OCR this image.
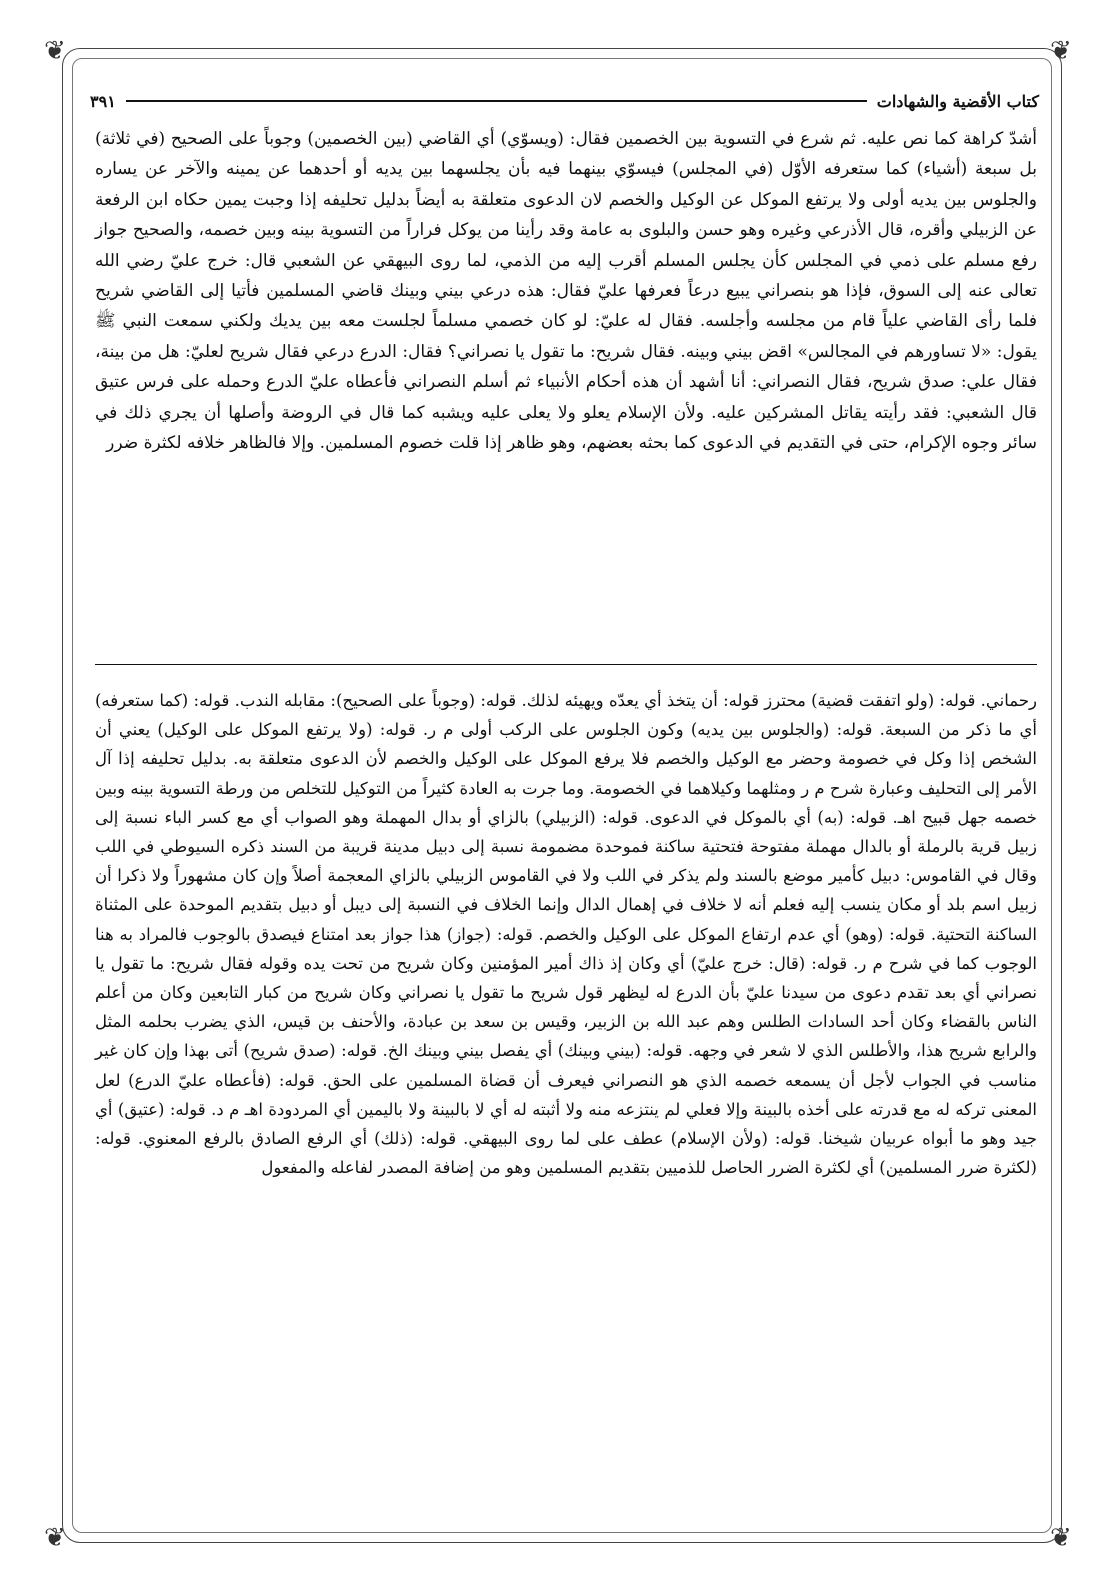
❦	❦
❦	❦
كتاب الأقضية والشهادات
٣٩١

أشدّ كراهة كما نص عليه. ثم شرع في التسوية بين الخصمين فقال: (ويسوّي) أي القاضي (بين الخصمين) وجوباً على الصحيح (في ثلاثة) بل سبعة (أشياء) كما ستعرفه الأوّل (في المجلس) فيسوّي بينهما فيه بأن يجلسهما بين يديه أو أحدهما عن يمينه والآخر عن يساره والجلوس بين يديه أولى ولا يرتفع الموكل عن الوكيل والخصم لان الدعوى متعلقة به أيضاً بدليل تحليفه إذا وجبت يمين حكاه ابن الرفعة عن الزبيلي وأقره، قال الأذرعي وغيره وهو حسن والبلوى به عامة وقد رأينا من يوكل فراراً من التسوية بينه وبين خصمه، والصحيح جواز رفع مسلم على ذمي في المجلس كأن يجلس المسلم أقرب إليه من الذمي، لما روى البيهقي عن الشعبي قال: خرج عليّ رضي الله تعالى عنه إلى السوق، فإذا هو بنصراني يبيع درعاً فعرفها عليّ فقال: هذه درعي بيني وبينك قاضي المسلمين فأتيا إلى القاضي شريح فلما رأى القاضي علياً قام من مجلسه وأجلسه. فقال له عليّ: لو كان خصمي مسلماً لجلست معه بين يديك ولكني سمعت النبي ﷺ يقول: «لا تساورهم في المجالس» اقض بيني وبينه. فقال شريح: ما تقول يا نصراني؟ فقال: الدرع درعي فقال شريح لعليّ: هل من بينة، فقال علي: صدق شريح، فقال النصراني: أنا أشهد أن هذه أحكام الأنبياء ثم أسلم النصراني فأعطاه عليّ الدرع وحمله على فرس عتيق قال الشعبي: فقد رأيته يقاتل المشركين عليه. ولأن الإسلام يعلو ولا يعلى عليه ويشبه كما قال في الروضة وأصلها أن يجري ذلك في سائر وجوه الإكرام، حتى في التقديم في الدعوى كما بحثه بعضهم، وهو ظاهر إذا قلت خصوم المسلمين. وإلا فالظاهر خلافه لكثرة ضرر

رحماني. قوله: (ولو اتفقت قضية) محترز قوله: أن يتخذ أي يعدّه ويهيئه لذلك. قوله: (وجوباً على الصحيح): مقابله الندب. قوله: (كما ستعرفه) أي ما ذكر من السبعة. قوله: (والجلوس بين يديه) وكون الجلوس على الركب أولى م ر. قوله: (ولا يرتفع الموكل على الوكيل) يعني أن الشخص إذا وكل في خصومة وحضر مع الوكيل والخصم فلا يرفع الموكل على الوكيل والخصم لأن الدعوى متعلقة به. بدليل تحليفه إذا آل الأمر إلى التحليف وعبارة شرح م ر ومثلهما وكيلاهما في الخصومة. وما جرت به العادة كثيراً من التوكيل للتخلص من ورطة التسوية بينه وبين خصمه جهل قبيح اهـ. قوله: (به) أي بالموكل في الدعوى. قوله: (الزبيلي) بالزاي أو بدال المهملة وهو الصواب أي مع كسر الباء نسبة إلى زبيل قرية بالرملة أو بالدال مهملة مفتوحة فتحتية ساكنة فموحدة مضمومة نسبة إلى دبيل مدينة قريبة من السند ذكره السيوطي في اللب وقال في القاموس: دبيل كأمير موضع بالسند ولم يذكر في اللب ولا في القاموس الزبيلي بالزاي المعجمة أصلاً وإن كان مشهوراً ولا ذكرا أن زبيل اسم بلد أو مكان ينسب إليه فعلم أنه لا خلاف في إهمال الدال وإنما الخلاف في النسبة إلى ديبل أو دبيل بتقديم الموحدة على المثناة الساكنة التحتية. قوله: (وهو) أي عدم ارتفاع الموكل على الوكيل والخصم. قوله: (جواز) هذا جواز بعد امتناع فيصدق بالوجوب فالمراد به هنا الوجوب كما في شرح م ر. قوله: (قال: خرج عليّ) أي وكان إذ ذاك أمير المؤمنين وكان شريح من تحت يده وقوله فقال شريح: ما تقول يا نصراني أي بعد تقدم دعوى من سيدنا عليّ بأن الدرع له ليظهر قول شريح ما تقول يا نصراني وكان شريح من كبار التابعين وكان من أعلم الناس بالقضاء وكان أحد السادات الطلس وهم عبد الله بن الزبير، وقيس بن سعد بن عبادة، والأحنف بن قيس، الذي يضرب بحلمه المثل والرابع شريح هذا، والأطلس الذي لا شعر في وجهه. قوله: (بيني وبينك) أي يفصل بيني وبينك الخ. قوله: (صدق شريح) أتى بهذا وإن كان غير مناسب في الجواب لأجل أن يسمعه خصمه الذي هو النصراني فيعرف أن قضاة المسلمين على الحق. قوله: (فأعطاه عليّ الدرع) لعل المعنى تركه له مع قدرته على أخذه بالبينة وإلا فعلي لم ينتزعه منه ولا أثبته له أي لا بالبينة ولا باليمين أي المردودة اهـ م د. قوله: (عتيق) أي جيد وهو ما أبواه عربيان شيخنا. قوله: (ولأن الإسلام) عطف على لما روى البيهقي. قوله: (ذلك) أي الرفع الصادق بالرفع المعنوي. قوله: (لكثرة ضرر المسلمين) أي لكثرة الضرر الحاصل للذميين بتقديم المسلمين وهو من إضافة المصدر لفاعله والمفعول
